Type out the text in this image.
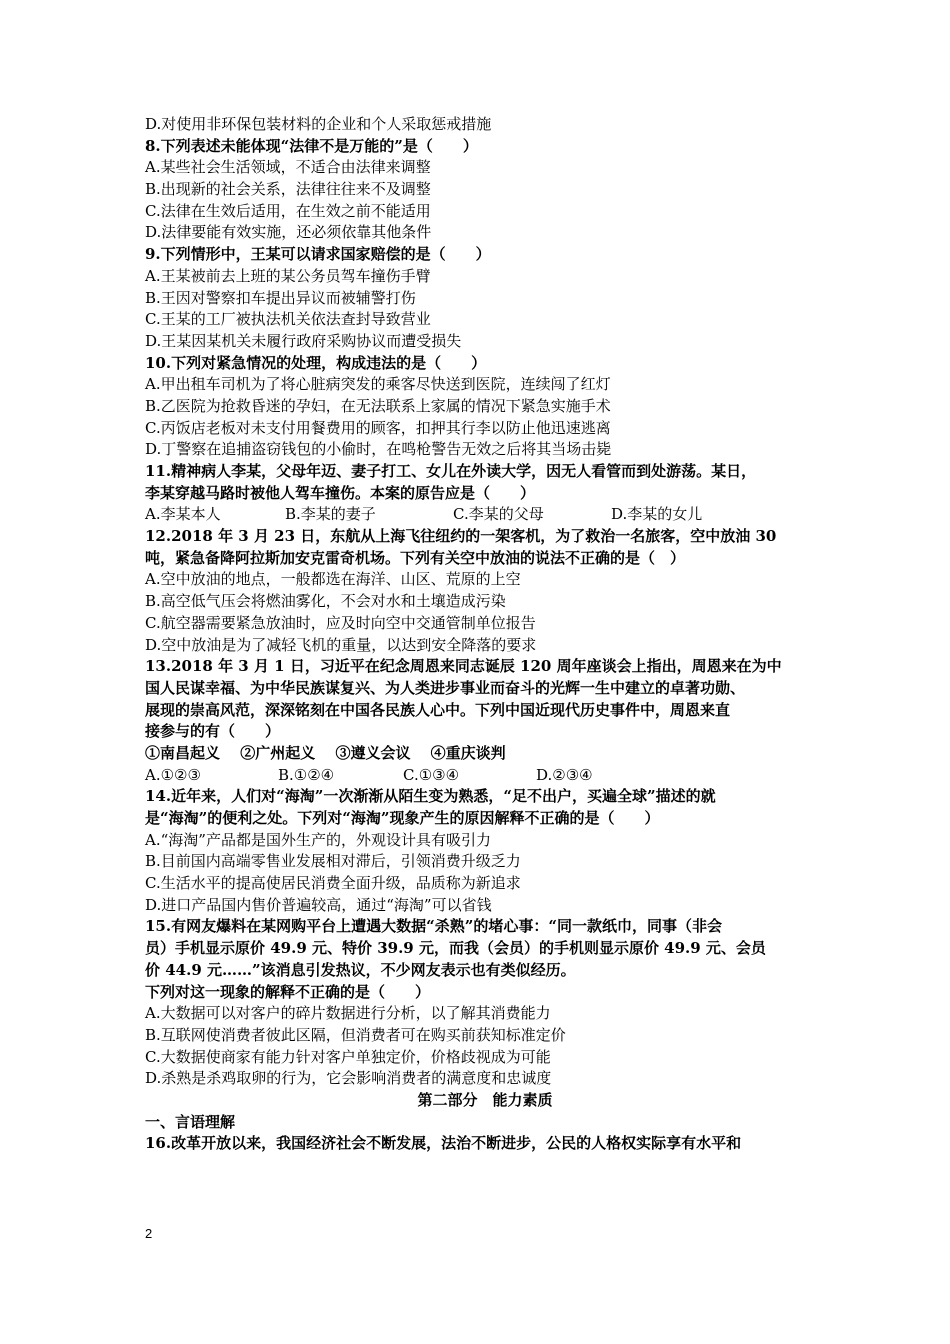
D.对使用非环保包装材料的企业和个人采取惩戒措施
8.下列表述未能体现“法律不是万能的”是（　　）
A.某些社会生活领域，不适合由法律来调整
B.出现新的社会关系，法律往往来不及调整
C.法律在生效后适用，在生效之前不能适用
D.法律要能有效实施，还必须依靠其他条件
9.下列情形中，王某可以请求国家赔偿的是（　　）
A.王某被前去上班的某公务员驾车撞伤手臂
B.王因对警察扣车提出异议而被辅警打伤
C.王某的工厂被执法机关依法查封导致营业
D.王某因某机关未履行政府采购协议而遭受损失
10.下列对紧急情况的处理，构成违法的是（　　）
A.甲出租车司机为了将心脏病突发的乘客尽快送到医院，连续闯了红灯
B.乙医院为抢救昏迷的孕妇，在无法联系上家属的情况下紧急实施手术
C.丙饭店老板对未支付用餐费用的顾客，扣押其行李以防止他迅速逃离
D.丁警察在追捕盗窃钱包的小偷时，在鸣枪警告无效之后将其当场击毙
11.精神病人李某，父母年迈、妻子打工、女儿在外读大学，因无人看管而到处游荡。某日，
李某穿越马路时被他人驾车撞伤。本案的原告应是（　　）
A.李某本人	B.李某的妻子	C.李某的父母	D.李某的女儿
12.2018 年 3 月 23 日，东航从上海飞往纽约的一架客机，为了救治一名旅客，空中放油 30
吨，紧急备降阿拉斯加安克雷奇机场。下列有关空中放油的说法不正确的是（　）
A.空中放油的地点，一般都选在海洋、山区、荒原的上空
B.高空低气压会将燃油雾化，不会对水和土壤造成污染
C.航空器需要紧急放油时，应及时向空中交通管制单位报告
D.空中放油是为了减轻飞机的重量，以达到安全降落的要求
13.2018 年 3 月 1 日，习近平在纪念周恩来同志诞辰 120 周年座谈会上指出，周恩来在为中
国人民谋幸福、为中华民族谋复兴、为人类进步事业而奋斗的光辉一生中建立的卓著功勋、
展现的崇高风范，深深铭刻在中国各民族人心中。下列中国近现代历史事件中，周恩来直
接参与的有（　　）
①南昌起义　 ②广州起义　 ③遵义会议　 ④重庆谈判
A.①②③	B.①②④	C.①③④	D.②③④
14.近年来，人们对“海淘”一次渐渐从陌生变为熟悉，“足不出户，买遍全球”描述的就
是“海淘”的便利之处。下列对“海淘”现象产生的原因解释不正确的是（　　）
A.“海淘”产品都是国外生产的，外观设计具有吸引力
B.目前国内高端零售业发展相对滞后，引领消费升级乏力
C.生活水平的提高使居民消费全面升级，品质称为新追求
D.进口产品国内售价普遍较高，通过“海淘”可以省钱
15.有网友爆料在某网购平台上遭遇大数据“杀熟”的堵心事：“同一款纸巾，同事（非会
员）手机显示原价 49.9 元、特价 39.9 元，而我（会员）的手机则显示原价 49.9 元、会员
价 44.9 元……”该消息引发热议，不少网友表示也有类似经历。
下列对这一现象的解释不正确的是（　　）
A.大数据可以对客户的碎片数据进行分析，以了解其消费能力
B.互联网使消费者彼此区隔，但消费者可在购买前获知标准定价
C.大数据使商家有能力针对客户单独定价，价格歧视成为可能
D.杀熟是杀鸡取卵的行为，它会影响消费者的满意度和忠诚度
第二部分　能力素质
一、言语理解
16.改革开放以来，我国经济社会不断发展，法治不断进步，公民的人格权实际享有水平和
2
